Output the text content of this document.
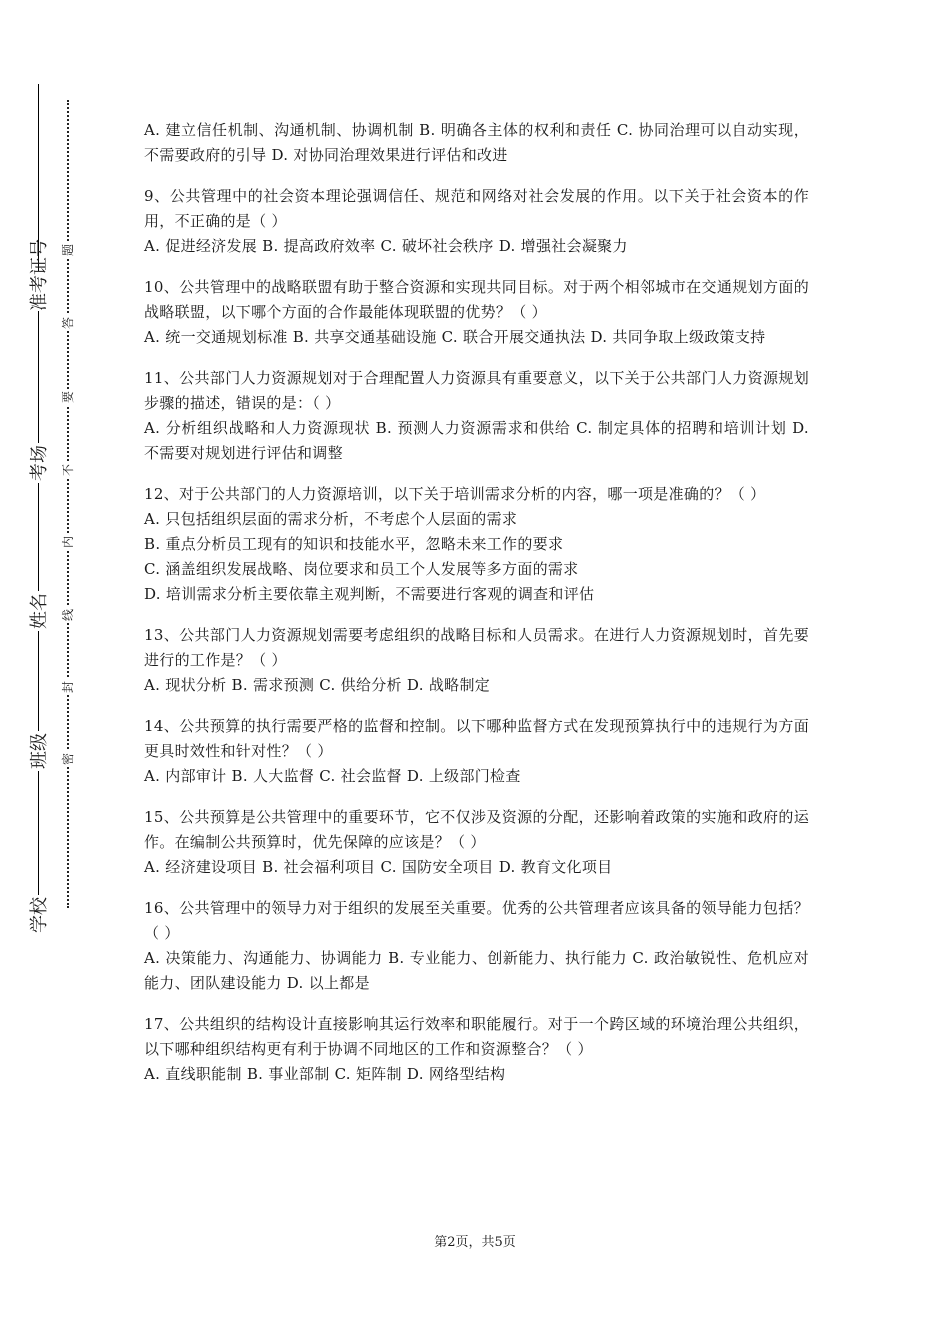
准考证号
考场
姓名
班级
学校
题
答
要
不
内
线
封
密
A. 建立信任机制、沟通机制、协调机制 B. 明确各主体的权利和责任 C. 协同治理可以自动实现，不需要政府的引导 D. 对协同治理效果进行评估和改进
9、公共管理中的社会资本理论强调信任、规范和网络对社会发展的作用。以下关于社会资本的作用，不正确的是（ ）
A. 促进经济发展 B. 提高政府效率 C. 破坏社会秩序 D. 增强社会凝聚力
10、公共管理中的战略联盟有助于整合资源和实现共同目标。对于两个相邻城市在交通规划方面的战略联盟，以下哪个方面的合作最能体现联盟的优势？（ ）
A. 统一交通规划标准 B. 共享交通基础设施 C. 联合开展交通执法 D. 共同争取上级政策支持
11、公共部门人力资源规划对于合理配置人力资源具有重要意义，以下关于公共部门人力资源规划步骤的描述，错误的是：（ ）
A. 分析组织战略和人力资源现状 B. 预测人力资源需求和供给 C. 制定具体的招聘和培训计划 D. 不需要对规划进行评估和调整
12、对于公共部门的人力资源培训，以下关于培训需求分析的内容，哪一项是准确的？（ ）
A. 只包括组织层面的需求分析，不考虑个人层面的需求
B. 重点分析员工现有的知识和技能水平，忽略未来工作的要求
C. 涵盖组织发展战略、岗位要求和员工个人发展等多方面的需求
D. 培训需求分析主要依靠主观判断，不需要进行客观的调查和评估
13、公共部门人力资源规划需要考虑组织的战略目标和人员需求。在进行人力资源规划时，首先要进行的工作是？（ ）
A. 现状分析 B. 需求预测 C. 供给分析 D. 战略制定
14、公共预算的执行需要严格的监督和控制。以下哪种监督方式在发现预算执行中的违规行为方面更具时效性和针对性？（ ）
A. 内部审计 B. 人大监督 C. 社会监督 D. 上级部门检查
15、公共预算是公共管理中的重要环节，它不仅涉及资源的分配，还影响着政策的实施和政府的运作。在编制公共预算时，优先保障的应该是？（ ）
A. 经济建设项目 B. 社会福利项目 C. 国防安全项目 D. 教育文化项目
16、公共管理中的领导力对于组织的发展至关重要。优秀的公共管理者应该具备的领导能力包括？（ ）
A. 决策能力、沟通能力、协调能力 B. 专业能力、创新能力、执行能力 C. 政治敏锐性、危机应对能力、团队建设能力 D. 以上都是
17、公共组织的结构设计直接影响其运行效率和职能履行。对于一个跨区域的环境治理公共组织，以下哪种组织结构更有利于协调不同地区的工作和资源整合？（ ）
A. 直线职能制 B. 事业部制 C. 矩阵制 D. 网络型结构
第2页，共5页
